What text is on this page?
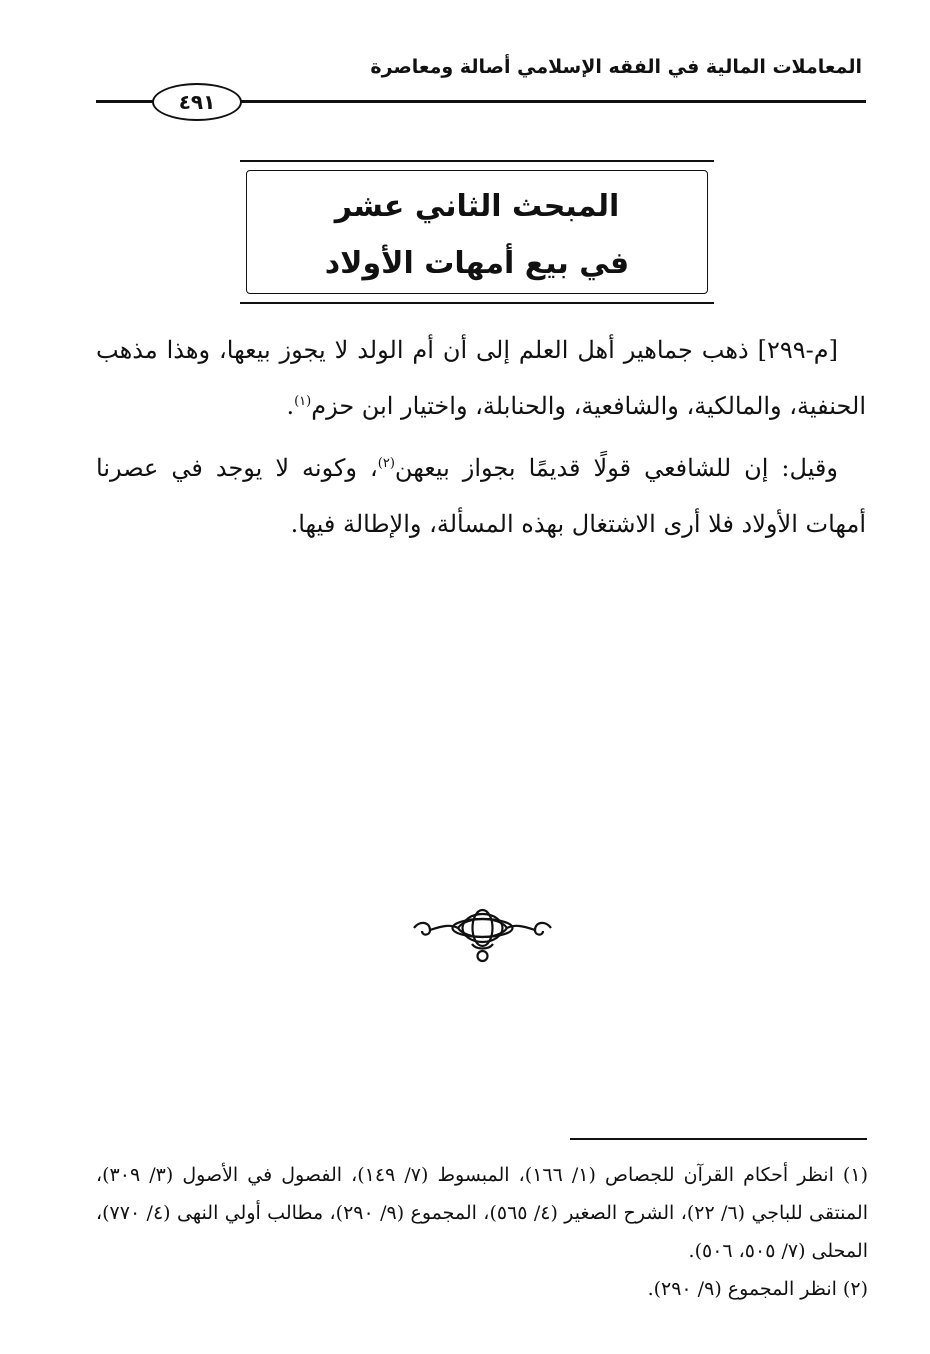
المعاملات المالية في الفقه الإسلامي أصالة ومعاصرة
٤٩١
المبحث الثاني عشر
في بيع أمهات الأولاد

[م-٢٩٩] ذهب جماهير أهل العلم إلى أن أم الولد لا يجوز بيعها، وهذا مذهب الحنفية، والمالكية، والشافعية، والحنابلة، واختيار ابن حزم$^{(١)}$.

وقيل: إن للشافعي قولًا قديمًا بجواز بيعهن$^{(٢)}$، وكونه لا يوجد في عصرنا أمهات الأولاد فلا أرى الاشتغال بهذه المسألة، والإطالة فيها.

(١) انظر أحكام القرآن للجصاص (١/ ١٦٦)، المبسوط (٧/ ١٤٩)، الفصول في الأصول (٣/ ٣٠٩)، المنتقى للباجي (٦/ ٢٢)، الشرح الصغير (٤/ ٥٦٥)، المجموع (٩/ ٢٩٠)، مطالب أولي النهى (٤/ ٧٧٠)، المحلى (٧/ ٥٠٥، ٥٠٦).

(٢) انظر المجموع (٩/ ٢٩٠).
